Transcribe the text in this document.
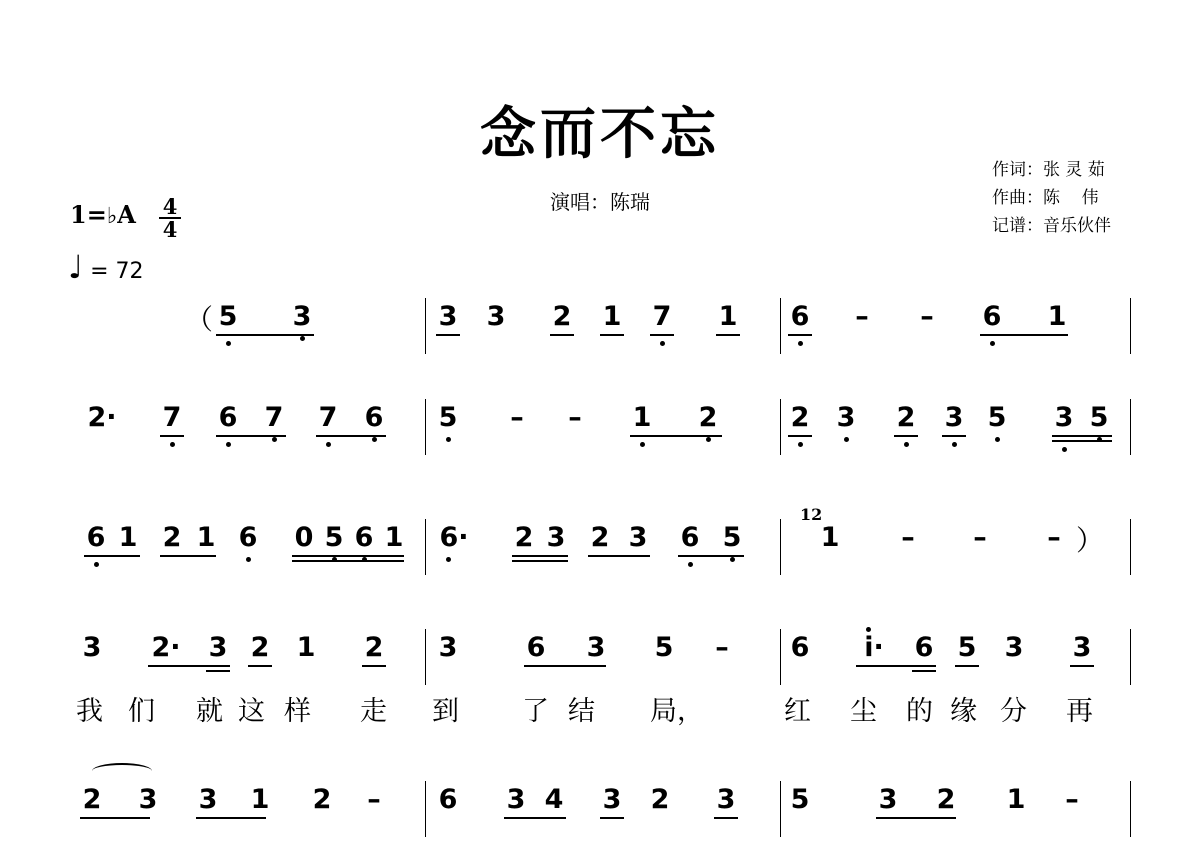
念而不忘
演唱：陈瑞
作词：张 灵 茹
作曲：陈    伟
记谱：音乐伙伴
1=♭A	4
4
♩ = 72
（ 5 3	3 3 2 1 7 1 6 – – 6 1
2· 7 6 7 7 6 5 – – 1 2	2 3 2 3 5 3 5
6 1 2 1 6 0 5 6 1 6· 2 3 2 3 6 5	1 – – –
12
）
3 2· 3 2 1 2 3	6 3 5 – 6	i·	6 5 3 3
我 们 就 这 样 走 到 了 结 局，	红 尘 的 缘 分 再
2 3 3 1 2 – 6 3 4 3 2 3 5	3 2 1 –
